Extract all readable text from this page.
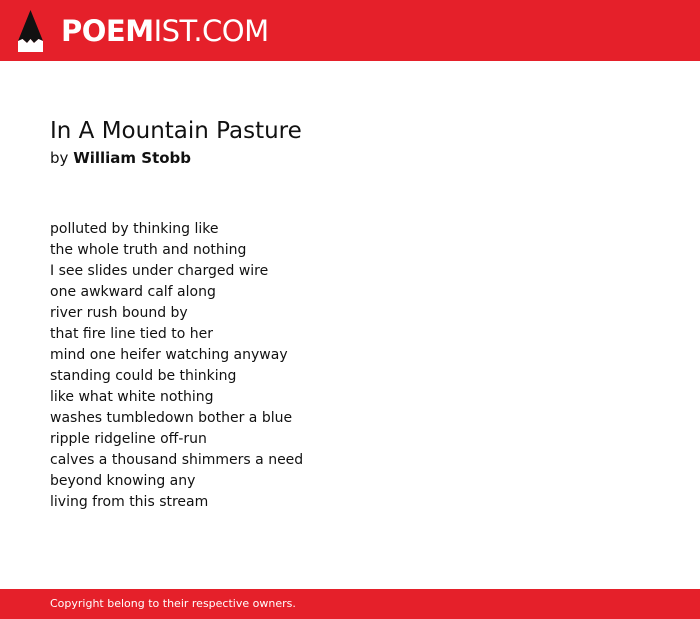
POEMIST.COM
In A Mountain Pasture

by William Stobb

polluted by thinking like
the whole truth and nothing
I see slides under charged wire
one awkward calf along
river rush bound by
that fire line tied to her
mind one heifer watching anyway
standing could be thinking
like what white nothing
washes tumbledown bother a blue
ripple ridgeline off-run
calves a thousand shimmers a need
beyond knowing any
living from this stream
Copyright belong to their respective owners.
